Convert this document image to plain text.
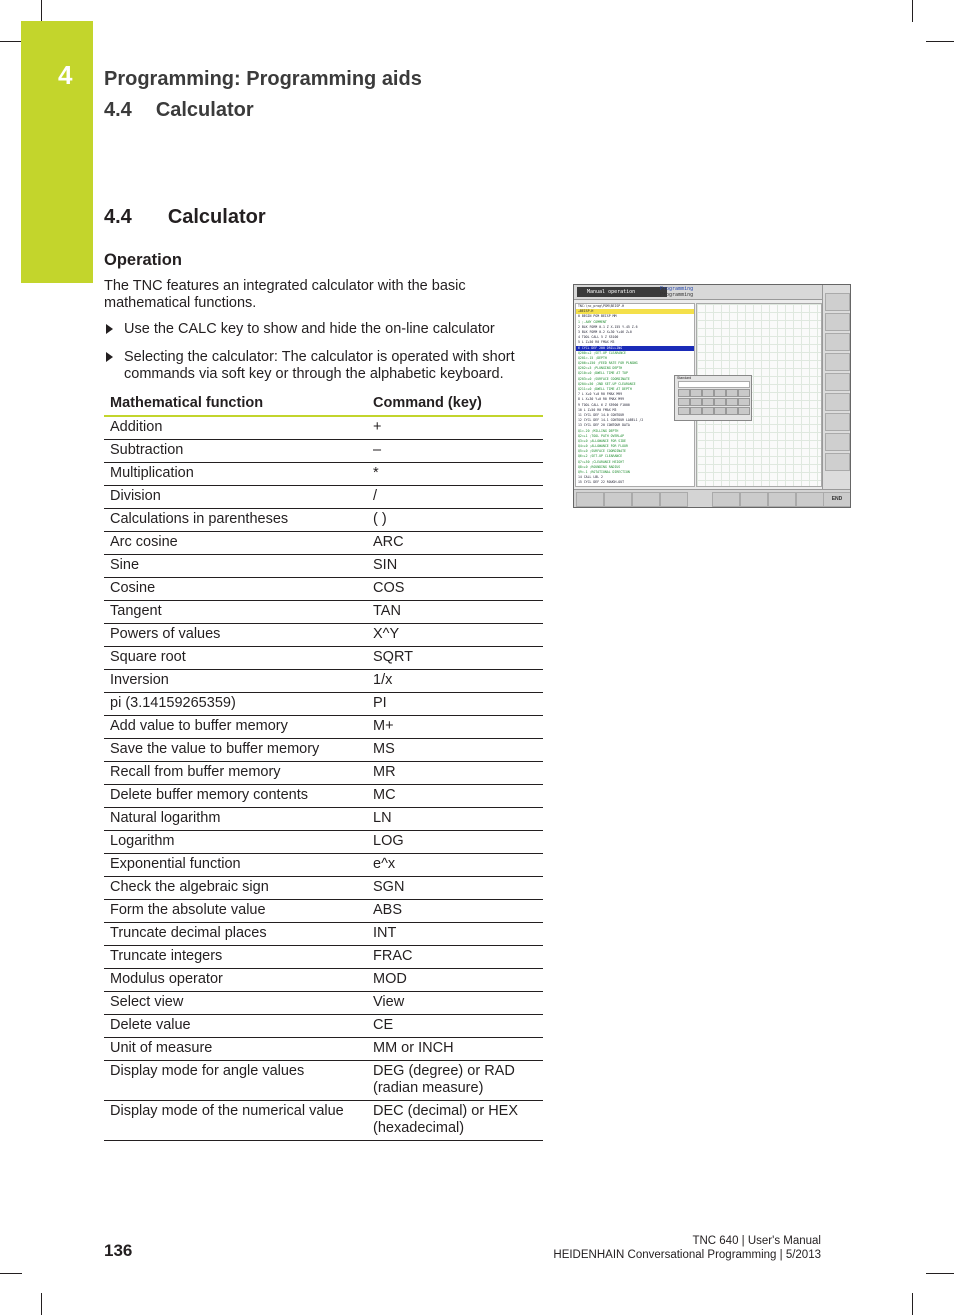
4 Programming: Programming aids
4.4 Calculator
4.4 Calculator
Operation
The TNC features an integrated calculator with the basic mathematical functions.
Use the CALC key to show and hide the on-line calculator
Selecting the calculator: The calculator is operated with short commands via soft key or through the alphabetic keyboard.
Mathematical function	Command (key)
Addition	+
Subtraction	–
Multiplication	*
Division	/
Calculations in parentheses	( )
Arc cosine	ARC
Sine	SIN
Cosine	COS
Tangent	TAN
Powers of values	X^Y
Square root	SQRT
Inversion	1/x
pi (3.14159265359)	PI
Add value to buffer memory	M+
Save the value to buffer memory	MS
Recall from buffer memory	MR
Delete buffer memory contents	MC
Natural logarithm	LN
Logarithm	LOG
Exponential function	e^x
Check the algebraic sign	SGN
Form the absolute value	ABS
Truncate decimal places	INT
Truncate integers	FRAC
Modulus operator	MOD
Select view	View
Delete value	CE
Unit of measure	MM or INCH
Display mode for angle values	DEG (degree) or RAD (radian measure)
Display mode of the numerical value	DEC (decimal) or HEX (hexadecimal)
Manual operation	Programming
Programming
TNC:\nc_prog\PGM\BEISP.H
→BEISP.H
0 BEGIN PGM BEISP MM
1 ;-ANY COMMENT
2 BLK FORM 0.1 Z X-155 Y-45 Z-6
3 BLK FORM 0.2 X+30 Y+46 Z+0
4 TOOL CALL 5 Z S5100
5 L Z+50 R0 FMAX M3
6 CYCL DEF 200 DRILLING
Q200=+2 ;SET-UP CLEARANCE
Q201=-15 ;DEPTH
Q206=+150 ;FEED RATE FOR PLNGNG
Q202=+5 ;PLUNGING DEPTH
Q210=+0 ;DWELL TIME AT TOP
Q203=+0 ;SURFACE COORDINATE
Q204=+50 ;2ND SET-UP CLEARANCE
Q211=+0 ;DWELL TIME AT DEPTH
7 L X+0 Y+0 R0 FMAX M99
8 L X+30 Y+0 R0 FMAX M99
9 TOOL CALL 6 Z S5900 F1000
10 L Z+50 R0 FMAX M3
11 CYCL DEF 14.0 CONTOUR
12 CYCL DEF 14.1 CONTOUR LABEL1 /2
13 CYCL DEF 20 CONTOUR DATA
Q1=-20 ;MILLING DEPTH
Q2=+1 ;TOOL PATH OVERLAP
Q3=+0 ;ALLOWANCE FOR SIDE
Q4=+0 ;ALLOWANCE FOR FLOOR
Q5=+0 ;SURFACE COORDINATE
Q6=+2 ;SET-UP CLEARANCE
Q7=+50 ;CLEARANCE HEIGHT
Q8=+0 ;ROUNDING RADIUS
Q9=-1 ;ROTATIONAL DIRECTION
14 CALL LBL 2
15 CYCL DEF 22 ROUGH-OUT
Standard
END
136	TNC 640 | User's Manual
HEIDENHAIN Conversational Programming | 5/2013
